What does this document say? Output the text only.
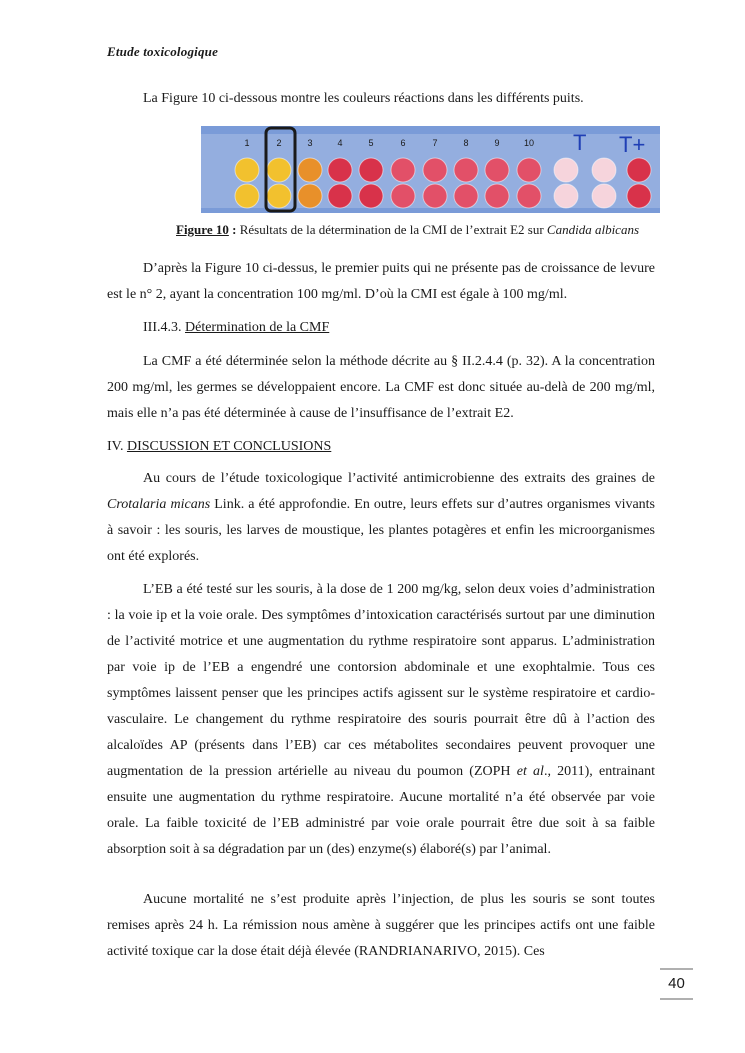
Etude toxicologique

La Figure 10 ci-dessous montre les couleurs réactions dans les différents puits.

1	2	3	4	5	6	7	8	9	10 T T+
Figure 10 : Résultats de la détermination de la CMI de l’extrait E2 sur Candida albicans

D’après la Figure 10 ci-dessus, le premier puits qui ne présente pas de croissance de levure est le n° 2, ayant la concentration 100 mg/ml. D’où la CMI est égale à 100 mg/ml.

III.4.3. Détermination de la CMF

La CMF a été déterminée selon la méthode décrite au § II.2.4.4 (p. 32). A la concentration 200 mg/ml, les germes se développaient encore. La CMF est donc située au-delà de 200 mg/ml, mais elle n’a pas été déterminée à cause de l’insuffisance de l’extrait E2.

IV. DISCUSSION ET CONCLUSIONS

Au cours de l’étude toxicologique l’activité antimicrobienne des extraits des graines de Crotalaria micans Link. a été approfondie. En outre, leurs effets sur d’autres organismes vivants à savoir : les souris, les larves de moustique, les plantes potagères et enfin les microorganismes ont été explorés.

L’EB a été testé sur les souris, à la dose de 1 200 mg/kg, selon deux voies d’administration : la voie ip et la voie orale. Des symptômes d’intoxication caractérisés surtout par une diminution de l’activité motrice et une augmentation du rythme respiratoire sont apparus. L’administration par voie ip de l’EB a engendré une contorsion abdominale et une exophtalmie. Tous ces symptômes laissent penser que les principes actifs agissent sur le système respiratoire et cardio-vasculaire. Le changement du rythme respiratoire des souris pourrait être dû à l’action des alcaloïdes AP (présents dans l’EB) car ces métabolites secondaires peuvent provoquer une augmentation de la pression artérielle au niveau du poumon (ZOPH et al., 2011), entrainant ensuite une augmentation du rythme respiratoire. Aucune mortalité n’a été observée par voie orale. La faible toxicité de l’EB administré par voie orale pourrait être due soit à sa faible absorption soit à sa dégradation par un (des) enzyme(s) élaboré(s) par l’animal.

Aucune mortalité ne s’est produite après l’injection, de plus les souris se sont toutes remises après 24 h. La rémission nous amène à suggérer que les principes actifs ont une faible activité toxique car la dose était déjà élevée (RANDRIANARIVO, 2015). Ces

40
